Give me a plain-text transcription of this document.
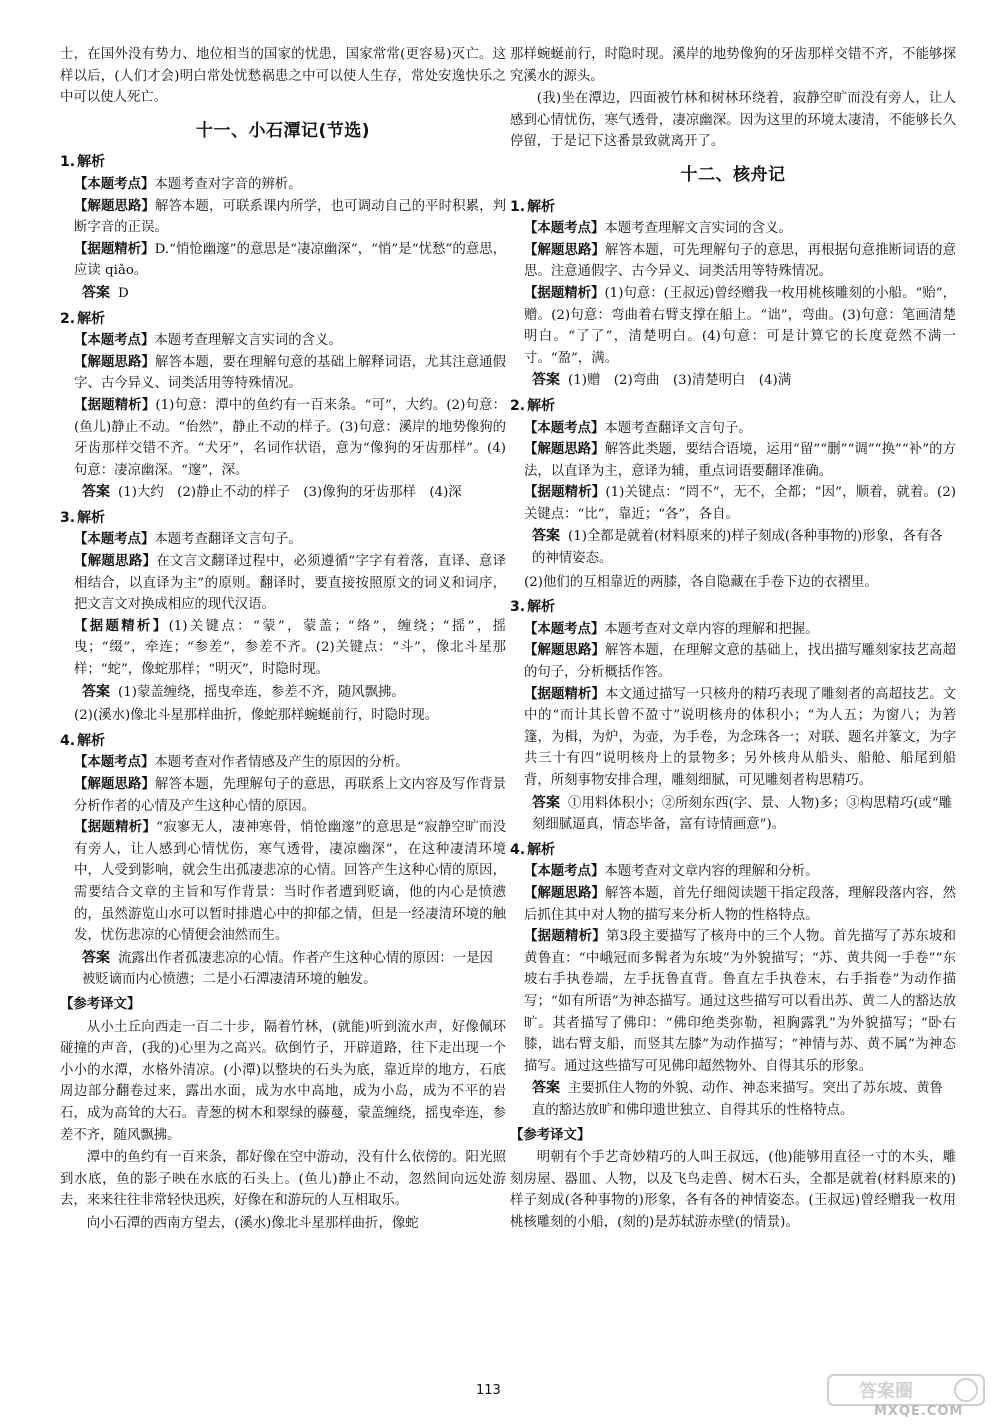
士，在国外没有势力、地位相当的国家的忧患，国家常常(更容易)灭亡。这样以后，(人们才会)明白常处忧愁祸患之中可以使人生存，常处安逸快乐之中可以使人死亡。

十一、小石潭记(节选)
1. 解析

【本题考点】本题考查对字音的辨析。

【解题思路】解答本题，可联系课内所学，也可调动自己的平时积累，判断字音的正误。

【据题精析】D.“悄怆幽邃”的意思是“凄凉幽深”，“悄”是“忧愁”的意思，应读 qiǎo。

答案 D

2. 解析

【本题考点】本题考查理解文言实词的含义。

【解题思路】解答本题，要在理解句意的基础上解释词语，尤其注意通假字、古今异义、词类活用等特殊情况。

【据题精析】(1)句意：潭中的鱼约有一百来条。“可”，大约。(2)句意：(鱼儿)静止不动。“佁然”，静止不动的样子。(3)句意：溪岸的地势像狗的牙齿那样交错不齐。“犬牙”，名词作状语，意为“像狗的牙齿那样”。(4)句意：凄凉幽深。“邃”，深。

答案 (1)大约　(2)静止不动的样子　(3)像狗的牙齿那样　(4)深

3. 解析

【本题考点】本题考查翻译文言句子。

【解题思路】在文言文翻译过程中，必须遵循“字字有着落，直译、意译相结合，以直译为主”的原则。翻译时，要直接按照原文的词义和词序，把文言文对换成相应的现代汉语。

【据题精析】(1)关键点：“蒙”，蒙盖；“络”，缠绕；“摇”，摇曳；“缀”，牵连；“参差”，参差不齐。(2)关键点：“斗”，像北斗星那样；“蛇”，像蛇那样；“明灭”，时隐时现。

答案 (1)蒙盖缠绕，摇曳牵连，参差不齐，随风飘拂。

(2)(溪水)像北斗星那样曲折，像蛇那样蜿蜒前行，时隐时现。

4. 解析

【本题考点】本题考查对作者情感及产生的原因的分析。

【解题思路】解答本题，先理解句子的意思，再联系上文内容及写作背景分析作者的心情及产生这种心情的原因。

【据题精析】“寂寥无人，凄神寒骨，悄怆幽邃”的意思是“寂静空旷而没有旁人，让人感到心情忧伤，寒气透骨，凄凉幽深”，在这种凄清环境中，人受到影响，就会生出孤凄悲凉的心情。回答产生这种心情的原因，需要结合文章的主旨和写作背景：当时作者遭到贬谪，他的内心是愤懑的，虽然游览山水可以暂时排遣心中的抑郁之情，但是一经凄清环境的触发，忧伤悲凉的心情便会油然而生。

答案 流露出作者孤凄悲凉的心情。作者产生这种心情的原因：一是因被贬谪而内心愤懑；二是小石潭凄清环境的触发。

【参考译文】

从小土丘向西走一百二十步，隔着竹林，(就能)听到流水声，好像佩环碰撞的声音，(我的)心里为之高兴。砍倒竹子，开辟道路，往下走出现一个小小的水潭，水格外清凉。(小潭)以整块的石头为底，靠近岸的地方，石底周边部分翻卷过来，露出水面，成为水中高地，成为小岛，成为不平的岩石，成为高耸的大石。青葱的树木和翠绿的藤蔓，蒙盖缠绕，摇曳牵连，参差不齐，随风飘拂。

潭中的鱼约有一百来条，都好像在空中游动，没有什么依傍的。阳光照到水底，鱼的影子映在水底的石头上。(鱼儿)静止不动，忽然间向远处游去，来来往往非常轻快迅疾，好像在和游玩的人互相取乐。

向小石潭的西南方望去，(溪水)像北斗星那样曲折，像蛇

那样蜿蜒前行，时隐时现。溪岸的地势像狗的牙齿那样交错不齐，不能够探究溪水的源头。

(我)坐在潭边，四面被竹林和树林环绕着，寂静空旷而没有旁人，让人感到心情忧伤，寒气透骨，凄凉幽深。因为这里的环境太凄清，不能够长久停留，于是记下这番景致就离开了。

十二、核舟记
1. 解析

【本题考点】本题考查理解文言实词的含义。

【解题思路】解答本题，可先理解句子的意思，再根据句意推断词语的意思。注意通假字、古今异义、词类活用等特殊情况。

【据题精析】(1)句意：(王叔远)曾经赠我一枚用桃核雕刻的小船。“贻”，赠。(2)句意：弯曲着右臂支撑在船上。“诎”，弯曲。(3)句意：笔画清楚明白。“了了”，清楚明白。(4)句意：可是计算它的长度竟然不满一寸。“盈”，满。

答案 (1)赠　(2)弯曲　(3)清楚明白　(4)满

2. 解析

【本题考点】本题考查翻译文言句子。

【解题思路】解答此类题，要结合语境，运用“留”“删”“调”“换”“补”的方法，以直译为主，意译为辅，重点词语要翻译准确。

【据题精析】(1)关键点：“罔不”，无不，全都；“因”，顺着，就着。(2)关键点：“比”，靠近；“各”，各自。

答案 (1)全都是就着(材料原来的)样子刻成(各种事物的)形象，各有各的神情姿态。

(2)他们的互相靠近的两膝，各自隐藏在手卷下边的衣褶里。

3. 解析

【本题考点】本题考查对文章内容的理解和把握。

【解题思路】解答本题，在理解文意的基础上，找出描写雕刻家技艺高超的句子，分析概括作答。

【据题精析】本文通过描写一只核舟的精巧表现了雕刻者的高超技艺。文中的“而计其长曾不盈寸”说明核舟的体积小；“为人五；为窗八；为箬篷，为楫，为炉，为壶，为手卷，为念珠各一；对联、题名并篆文，为字共三十有四”说明核舟上的景物多；另外核舟从船头、船舱、船尾到船背，所刻事物安排合理，雕刻细腻，可见雕刻者构思精巧。

答案 ①用料体积小；②所刻东西(字、景、人物)多；③构思精巧(或“雕刻细腻逼真，情态毕备，富有诗情画意”)。

4. 解析

【本题考点】本题考查对文章内容的理解和分析。

【解题思路】解答本题，首先仔细阅读题干指定段落，理解段落内容，然后抓住其中对人物的描写来分析人物的性格特点。

【据题精析】第3段主要描写了核舟中的三个人物。首先描写了苏东坡和黄鲁直：“中峨冠而多髯者为东坡”为外貌描写；“苏、黄共阅一手卷”“东坡右手执卷端，左手抚鲁直背。鲁直左手执卷末，右手指卷”为动作描写；“如有所语”为神态描写。通过这些描写可以看出苏、黄二人的豁达放旷。其者描写了佛印：“佛印绝类弥勒，袒胸露乳”为外貌描写；“卧右膝，诎右臂支船，而竖其左膝”为动作描写；“神情与苏、黄不属”为神态描写。通过这些描写可见佛印超然物外、自得其乐的形象。

答案 主要抓住人物的外貌、动作、神态来描写。突出了苏东坡、黄鲁直的豁达放旷和佛印遗世独立、自得其乐的性格特点。

【参考译文】

明朝有个手艺奇妙精巧的人叫王叔远，(他)能够用直径一寸的木头，雕刻房屋、器皿、人物，以及飞鸟走兽、树木石头，全都是就着(材料原来的)样子刻成(各种事物的)形象，各有各的神情姿态。(王叔远)曾经赠我一枚用桃核雕刻的小船，(刻的)是苏轼游赤壁(的情景)。

113	答案圈
MXQE.COM
